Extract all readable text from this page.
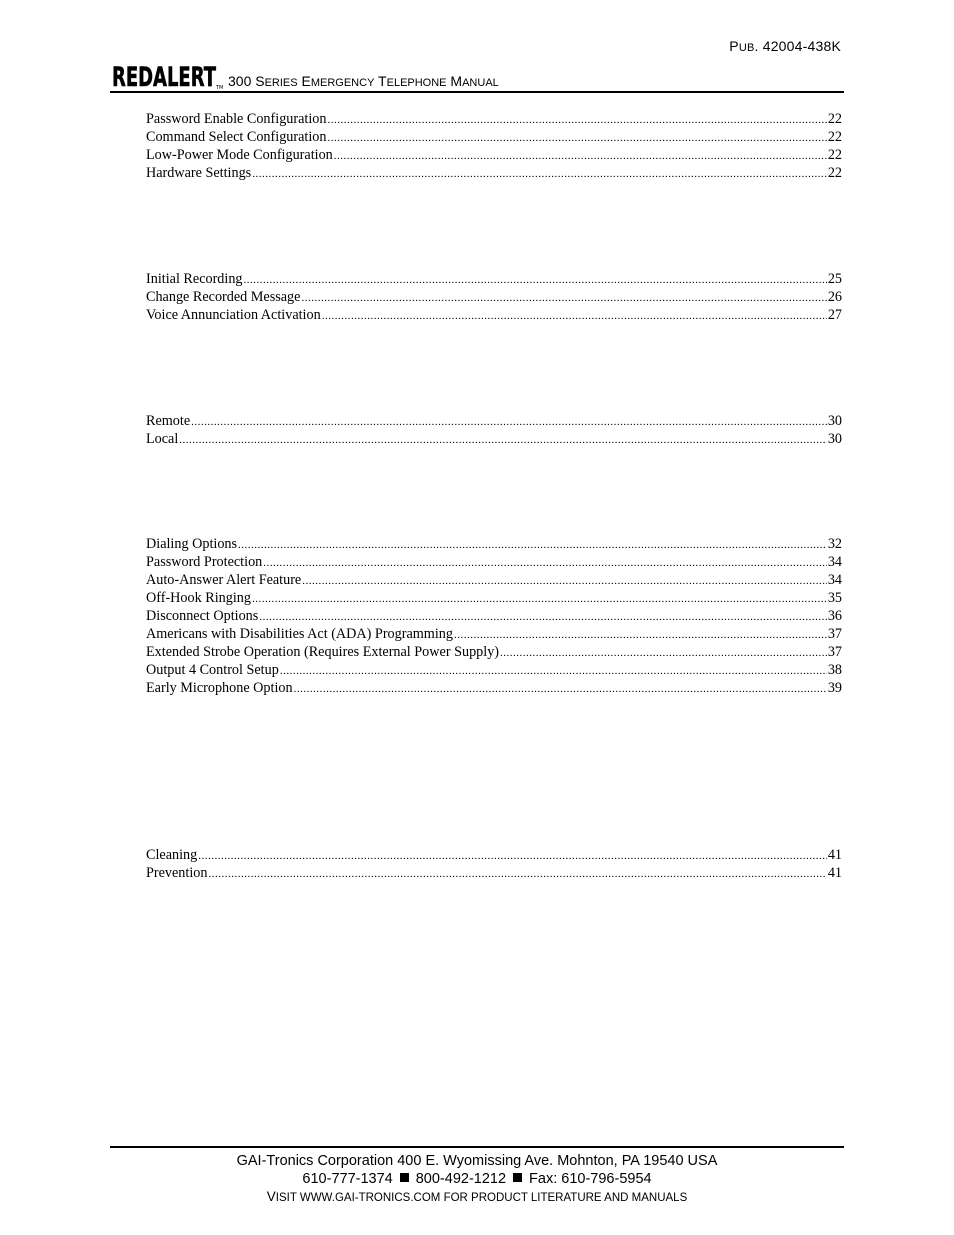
PUB. 42004-438K
REDALERT TM 300 SERIES EMERGENCY TELEPHONE MANUAL
Password Enable Configuration .....	22
Command Select Configuration .....	22
Low-Power Mode Configuration .....	22
Hardware Settings .....	22
Initial Recording .....	25
Change Recorded Message .....	26
Voice Annunciation Activation .....	27
Remote .....	30
Local .....	30
Dialing Options .....	32
Password Protection .....	34
Auto-Answer Alert Feature .....	34
Off-Hook Ringing .....	35
Disconnect Options .....	36
Americans with Disabilities Act (ADA) Programming .....	37
Extended Strobe Operation (Requires External Power Supply) .....	37
Output 4 Control Setup .....	38
Early Microphone Option .....	39
Cleaning .....	41
Prevention .....	41
GAI-Tronics Corporation 400 E. Wyomissing Ave. Mohnton, PA 19540 USA
610-777-1374 800-492-1212 Fax: 610-796-5954
VISIT WWW.GAI-TRONICS.COM FOR PRODUCT LITERATURE AND MANUALS
